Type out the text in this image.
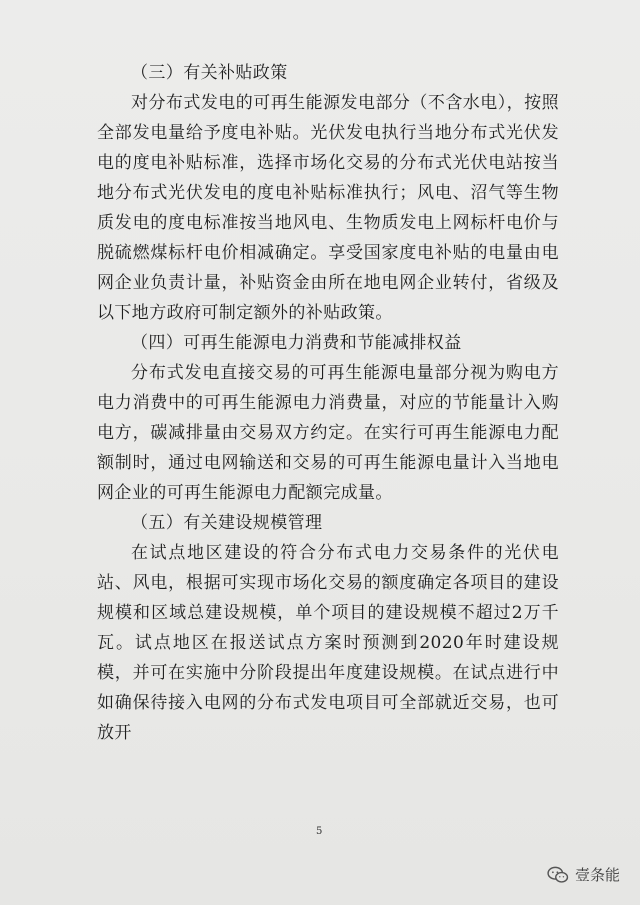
（三）有关补贴政策

对分布式发电的可再生能源发电部分（不含水电），按照全部发电量给予度电补贴。光伏发电执行当地分布式光伏发电的度电补贴标准，选择市场化交易的分布式光伏电站按当地分布式光伏发电的度电补贴标准执行；风电、沼气等生物质发电的度电标准按当地风电、生物质发电上网标杆电价与脱硫燃煤标杆电价相减确定。享受国家度电补贴的电量由电网企业负责计量，补贴资金由所在地电网企业转付，省级及以下地方政府可制定额外的补贴政策。

（四）可再生能源电力消费和节能减排权益

分布式发电直接交易的可再生能源电量部分视为购电方电力消费中的可再生能源电力消费量，对应的节能量计入购电方，碳减排量由交易双方约定。在实行可再生能源电力配额制时，通过电网输送和交易的可再生能源电量计入当地电网企业的可再生能源电力配额完成量。

（五）有关建设规模管理

在试点地区建设的符合分布式电力交易条件的光伏电站、风电，根据可实现市场化交易的额度确定各项目的建设规模和区域总建设规模，单个项目的建设规模不超过2万千瓦。试点地区在报送试点方案时预测到2020年时建设规模，并可在实施中分阶段提出年度建设规模。在试点进行中如确保待接入电网的分布式发电项目可全部就近交易，也可放开

5
壹条能
